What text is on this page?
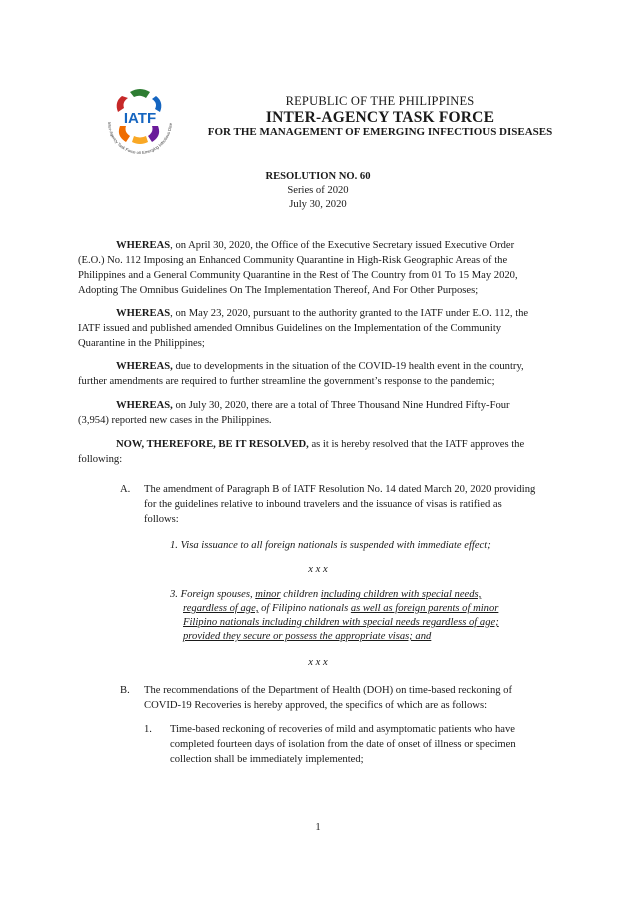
IATF
Inter-Agency Task Force on Emerging Infectious Dise
REPUBLIC OF THE PHILIPPINES
INTER-AGENCY TASK FORCE
FOR THE MANAGEMENT OF EMERGING INFECTIOUS DISEASES
RESOLUTION NO. 60
Series of 2020
July 30, 2020
WHEREAS, on April 30, 2020, the Office of the Executive Secretary issued Executive Order
(E.O.) No. 112 Imposing an Enhanced Community Quarantine in High-Risk Geographic Areas of the
Philippines and a General Community Quarantine in the Rest of The Country from 01 To 15 May 2020,
Adopting The Omnibus Guidelines On The Implementation Thereof, And For Other Purposes;
WHEREAS, on May 23, 2020, pursuant to the authority granted to the IATF under E.O. 112, the
IATF issued and published amended Omnibus Guidelines on the Implementation of the Community
Quarantine in the Philippines;
WHEREAS, due to developments in the situation of the COVID-19 health event in the country,
further amendments are required to further streamline the government’s response to the pandemic;
WHEREAS, on July 30, 2020, there are a total of Three Thousand Nine Hundred Fifty-Four
(3,954) reported new cases in the Philippines.
NOW, THEREFORE, BE IT RESOLVED, as it is hereby resolved that the IATF approves the
following:
A. The amendment of Paragraph B of IATF Resolution No. 14 dated March 20, 2020 providing
for the guidelines relative to inbound travelers and the issuance of visas is ratified as
follows:
1. Visa issuance to all foreign nationals is suspended with immediate effect;
x x x
3. Foreign spouses, minor children including children with special needs,
regardless of age, of Filipino nationals as well as foreign parents of minor
Filipino nationals including children with special needs regardless of age;
provided they secure or possess the appropriate visas; and
x x x
B. The recommendations of the Department of Health (DOH) on time-based reckoning of
COVID-19 Recoveries is hereby approved, the specifics of which are as follows:
1. Time-based reckoning of recoveries of mild and asymptomatic patients who have
completed fourteen days of isolation from the date of onset of illness or specimen
collection shall be immediately implemented;
1
